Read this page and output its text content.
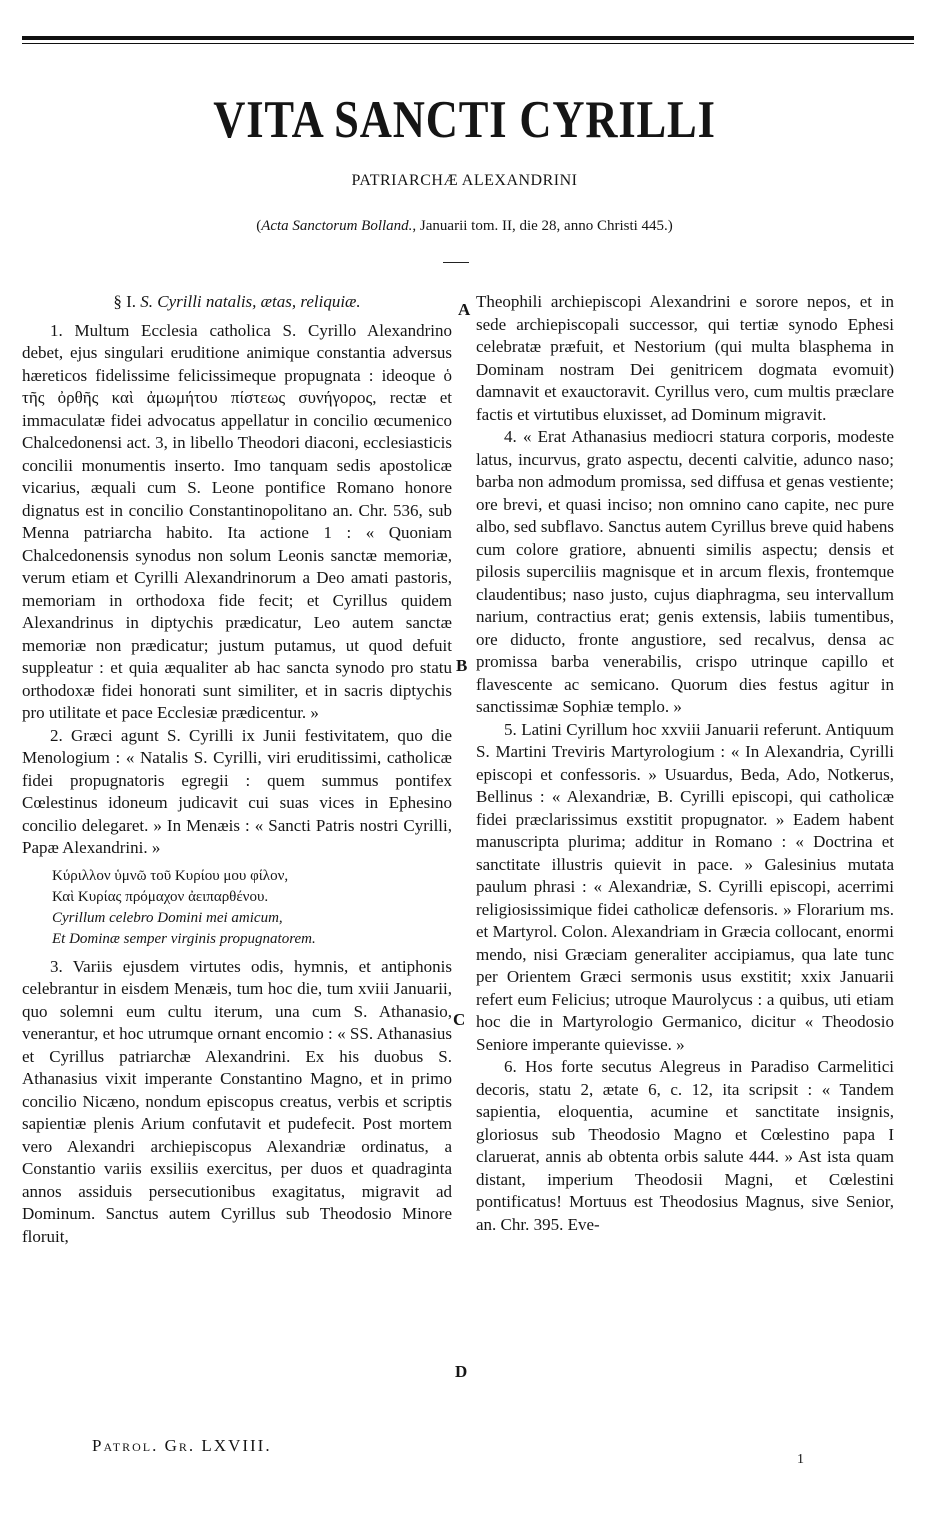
VITA SANCTI CYRILLI
PATRIARCHÆ ALEXANDRINI
(Acta Sanctorum Bolland., Januarii tom. II, die 28, anno Christi 445.)

§ I. S. Cyrilli natalis, ætas, reliquiæ.

1. Multum Ecclesia catholica S. Cyrillo Alexandrino debet, ejus singulari eruditione animique constantia adversus hæreticos fidelissime felicissimeque propugnata : ideoque ὁ τῆς ὀρθῆς καὶ ἀμωμήτου πίστεως συνήγορος, rectæ et immaculatæ fidei advocatus appellatur in concilio œcumenico Chalcedonensi act. 3, in libello Theodori diaconi, ecclesiasticis concilii monumentis inserto. Imo tanquam sedis apostolicæ vicarius, æquali cum S. Leone pontifice Romano honore dignatus est in concilio Constantinopolitano an. Chr. 536, sub Menna patriarcha habito. Ita actione 1 : « Quoniam Chalcedonensis synodus non solum Leonis sanctæ memoriæ, verum etiam et Cyrilli Alexandrinorum a Deo amati pastoris, memoriam in orthodoxa fide fecit; et Cyrillus quidem Alexandrinus in diptychis prædicatur, Leo autem sanctæ memoriæ non prædicatur; justum putamus, ut quod defuit suppleatur : et quia æqualiter ab hac sancta synodo pro statu orthodoxæ fidei honorati sunt similiter, et in sacris diptychis pro utilitate et pace Ecclesiæ prædicentur. »

2. Græci agunt S. Cyrilli ix Junii festivitatem, quo die Menologium : « Natalis S. Cyrilli, viri eruditissimi, catholicæ fidei propugnatoris egregii : quem summus pontifex Cœlestinus idoneum judicavit cui suas vices in Ephesino concilio delegaret. » In Menæis : « Sancti Patris nostri Cyrilli, Papæ Alexandrini. »

Κύριλλον ὑμνῶ τοῦ Κυρίου μου φίλον,
Καὶ Κυρίας πρόμαχον ἀειπαρθένου.
Cyrillum celebro Domini mei amicum,
Et Dominæ semper virginis propugnatorem.

3. Variis ejusdem virtutes odis, hymnis, et antiphonis celebrantur in eisdem Menæis, tum hoc die, tum xviii Januarii, quo solemni eum cultu iterum, una cum S. Athanasio, venerantur, et hoc utrumque ornant encomio : « SS. Athanasius et Cyrillus patriarchæ Alexandrini. Ex his duobus S. Athanasius vixit imperante Constantino Magno, et in primo concilio Nicæno, nondum episcopus creatus, verbis et scriptis sapientiæ plenis Arium confutavit et pudefecit. Post mortem vero Alexandri archiepiscopus Alexandriæ ordinatus, a Constantio variis exsiliis exercitus, per duos et quadraginta annos assiduis persecutionibus exagitatus, migravit ad Dominum. Sanctus autem Cyrillus sub Theodosio Minore floruit,

Theophili archiepiscopi Alexandrini e sorore nepos, et in sede archiepiscopali successor, qui tertiæ synodo Ephesi celebratæ præfuit, et Nestorium (qui multa blasphema in Dominam nostram Dei genitricem dogmata evomuit) damnavit et exauctoravit. Cyrillus vero, cum multis præclare factis et virtutibus eluxisset, ad Dominum migravit.

4. « Erat Athanasius mediocri statura corporis, modeste latus, incurvus, grato aspectu, decenti calvitie, adunco naso; barba non admodum promissa, sed diffusa et genas vestiente; ore brevi, et quasi inciso; non omnino cano capite, nec pure albo, sed subflavo. Sanctus autem Cyrillus breve quid habens cum colore gratiore, abnuenti similis aspectu; densis et pilosis superciliis magnisque et in arcum flexis, frontemque claudentibus; naso justo, cujus diaphragma, seu intervallum narium, contractius erat; genis extensis, labiis tumentibus, ore diducto, fronte angustiore, sed recalvus, densa ac promissa barba venerabilis, crispo utrinque capillo et flavescente ac semicano. Quorum dies festus agitur in sanctissimæ Sophiæ templo. »

5. Latini Cyrillum hoc xxviii Januarii referunt. Antiquum S. Martini Treviris Martyrologium : « In Alexandria, Cyrilli episcopi et confessoris. » Usuardus, Beda, Ado, Notkerus, Bellinus : « Alexandriæ, B. Cyrilli episcopi, qui catholicæ fidei præclarissimus exstitit propugnator. » Eadem habent manuscripta plurima; additur in Romano : « Doctrina et sanctitate illustris quievit in pace. » Galesinius mutata paulum phrasi : « Alexandriæ, S. Cyrilli episcopi, acerrimi religiosissimique fidei catholicæ defensoris. » Florarium ms. et Martyrol. Colon. Alexandriam in Græcia collocant, enormi mendo, nisi Græciam generaliter accipiamus, qua late tunc per Orientem Græci sermonis usus exstitit; xxix Januarii refert eum Felicius; utroque Maurolycus : a quibus, uti etiam hoc die in Martyrologio Germanico, dicitur « Theodosio Seniore imperante quievisse. »

6. Hos forte secutus Alegreus in Paradiso Carmelitici decoris, statu 2, ætate 6, c. 12, ita scripsit : « Tandem sapientia, eloquentia, acumine et sanctitate insignis, gloriosus sub Theodosio Magno et Cœlestino papa I claruerat, annis ab obtenta orbis salute 444. » Ast ista quam distant, imperium Theodosii Magni, et Cœlestini pontificatus! Mortuus est Theodosius Magnus, sive Senior, an. Chr. 395. Eve-

A
B
C
D
Patrol. Gr. LXVIII.
1
